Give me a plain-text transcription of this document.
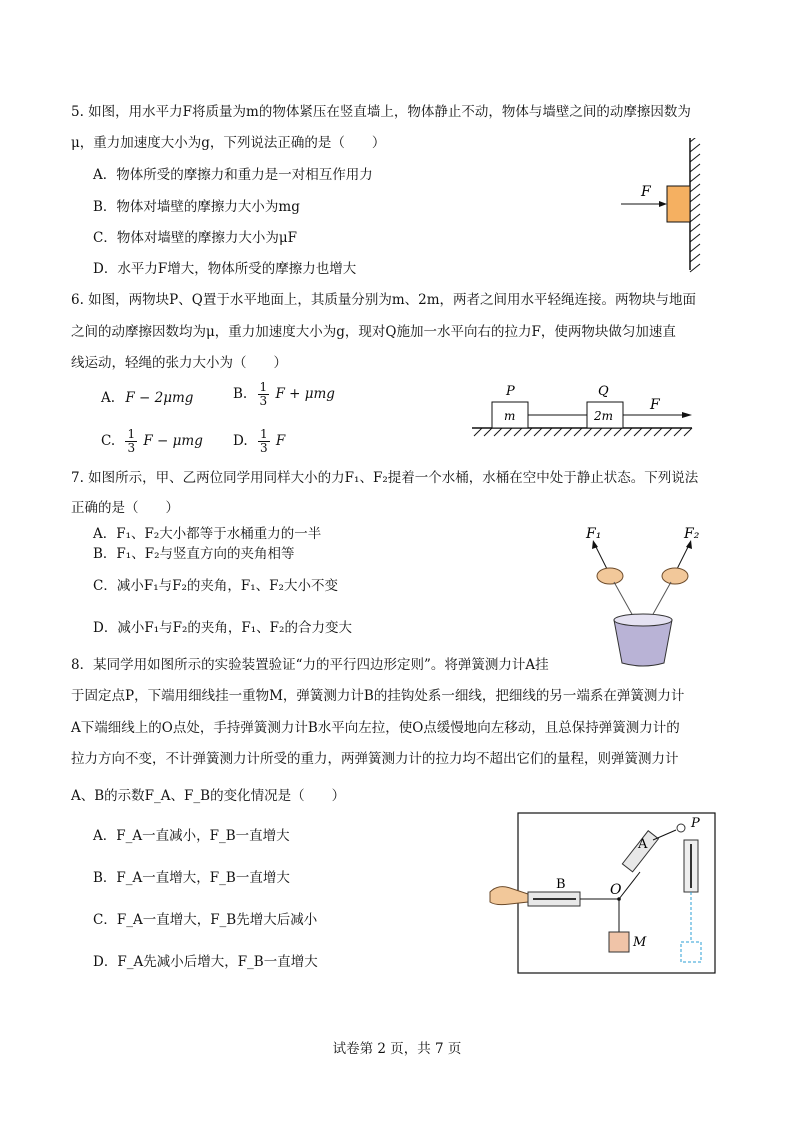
5. 如图，用水平力F将质量为m的物体紧压在竖直墙上，物体静止不动，物体与墙壁之间的动摩擦因数为
μ，重力加速度大小为g，下列说法正确的是（　　）
A．物体所受的摩擦力和重力是一对相互作用力
B．物体对墙壁的摩擦力大小为mg
C．物体对墙壁的摩擦力大小为μF
D．水平力F增大，物体所受的摩擦力也增大
F
6. 如图，两物块P、Q置于水平地面上，其质量分别为m、2m，两者之间用水平轻绳连接。两物块与地面
之间的动摩擦因数均为μ，重力加速度大小为g，现对Q施加一水平向右的拉力F，使两物块做匀加速直
线运动，轻绳的张力大小为（　　）
A. F − 2μmg	B. $\frac{1}{3}$ F + μmg
C. $\frac{1}{3}$ F − μmg D. $\frac{1}{3}$ F
P	Q
m	2m
F
7. 如图所示，甲、乙两位同学用同样大小的力F₁、F₂提着一个水桶，水桶在空中处于静止状态。下列说法
正确的是（　　）
A．F₁、F₂大小都等于水桶重力的一半
B．F₁、F₂与竖直方向的夹角相等
C．减小F₁与F₂的夹角，F₁、F₂大小不变
D．减小F₁与F₂的夹角，F₁、F₂的合力变大
F₁	F₂
8．某同学用如图所示的实验装置验证“力的平行四边形定则”。将弹簧测力计A挂
于固定点P，下端用细线挂一重物M，弹簧测力计B的挂钩处系一细线，把细线的另一端系在弹簧测力计
A下端细线上的O点处，手持弹簧测力计B水平向左拉，使O点缓慢地向左移动，且总保持弹簧测力计的
拉力方向不变，不计弹簧测力计所受的重力，两弹簧测力计的拉力均不超出它们的量程，则弹簧测力计
A、B的示数F_A、F_B的变化情况是（　　）
A．F_A一直减小，F_B一直增大
B．F_A一直增大，F_B一直增大
C．F_A一直增大，F_B先增大后减小
D．F_A先减小后增大，F_B一直增大
B
A
O
M
P
试卷第 2 页，共 7 页
